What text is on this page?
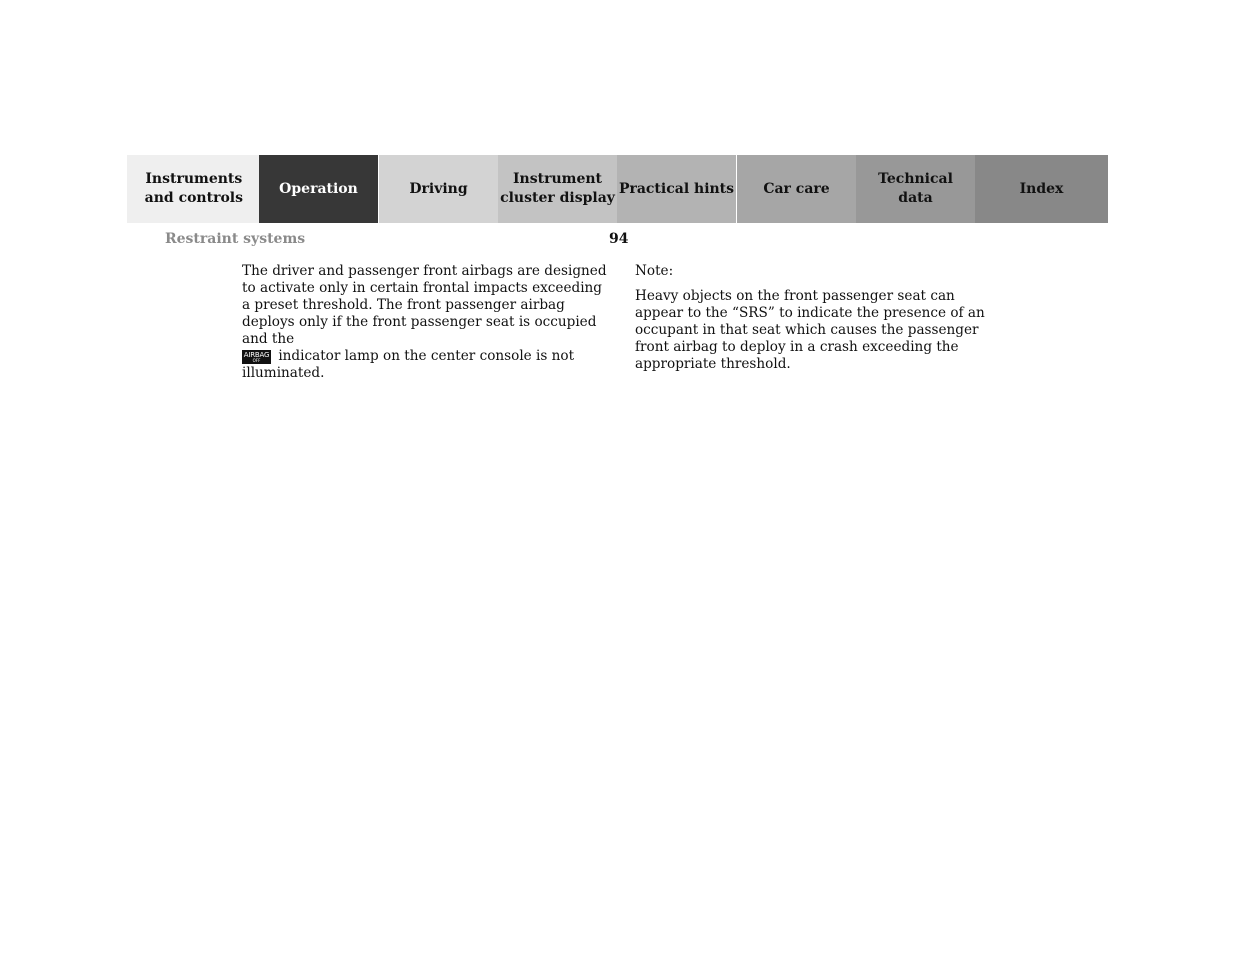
Instruments
and controls
Operation	Driving
Instrument
cluster display
Practical hints Car care
Technical
data
Index
Restraint systems	94

The driver and passenger front airbags are designed to activate only in certain frontal impacts exceeding a preset threshold. The front passenger airbag deploys only if the front passenger seat is occupied and the

AIRBAG
OFF	indicator lamp on the center console is not illuminated.

Note:

Heavy objects on the front passenger seat can appear to the “SRS” to indicate the presence of an occupant in that seat which causes the passenger front airbag to deploy in a crash exceeding the appropriate threshold.
